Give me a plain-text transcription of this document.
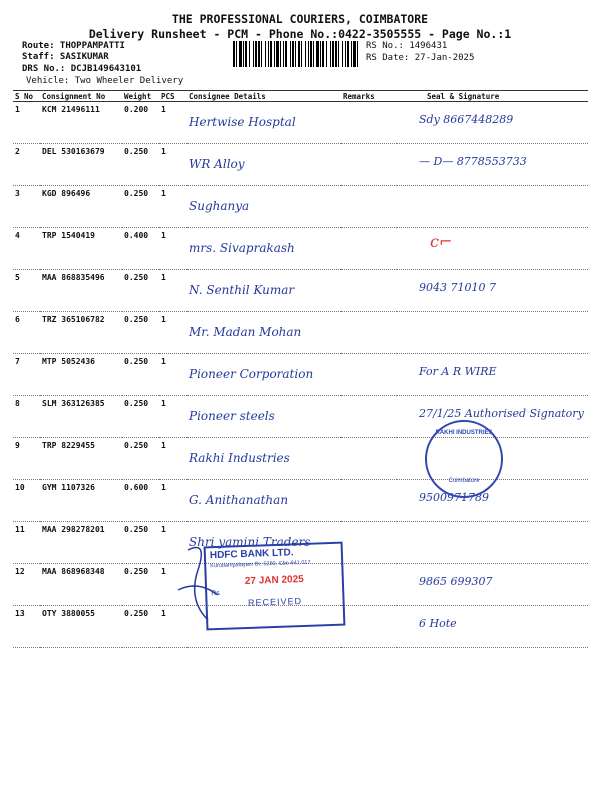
THE PROFESSIONAL COURIERS, COIMBATORE
Delivery Runsheet - PCM - Phone No.:0422-3505555 - Page No.:1
Route: THOPPAMPATTI
Staff: SASIKUMAR
DRS No.: DCJB149643101
Vehicle: Two Wheeler Delivery
RS No.: 1496431
RS Date: 27-Jan-2025
S No	Consignment No	Weight	PCS	Consignee Details	Remarks	Seal & Signature
1	KCM 21496111	0.200	1	Hertwise Hosptal		Sdy 8667448289
2	DEL 530163679	0.250	1	WR Alloy		— D— 8778553733
3	KGD 896496	0.250	1	Sughanya		
4	TRP 1540419	0.400	1	mrs. Sivaprakash		
5	MAA 868835496	0.250	1	N. Senthil Kumar		9043 71010 7
6	TRZ 365106782	0.250	1	Mr. Madan Mohan		
7	MTP 5052436	0.250	1	Pioneer Corporation		For A R WIRE
8	SLM 363126385	0.250	1	Pioneer steels		27/1/25 Authorised Signatory
9	TRP 8229455	0.250	1	Rakhi Industries		
10	GYM 1107326	0.600	1	G. Anithanathan		9500971789
11	MAA 298278201	0.250	1	Shri yamini Traders		
12	MAA 868968348	0.250	1			9865 699307
13	OTY 3880055	0.250	1			6 Hote
HDFC BANK LTD.
Kurudampalayam Br.-5280, Cbe-641 017
27 JAN 2025
Rs
RECEIVED
RAKHI INDUSTRIES
Coimbatore
c⌐
